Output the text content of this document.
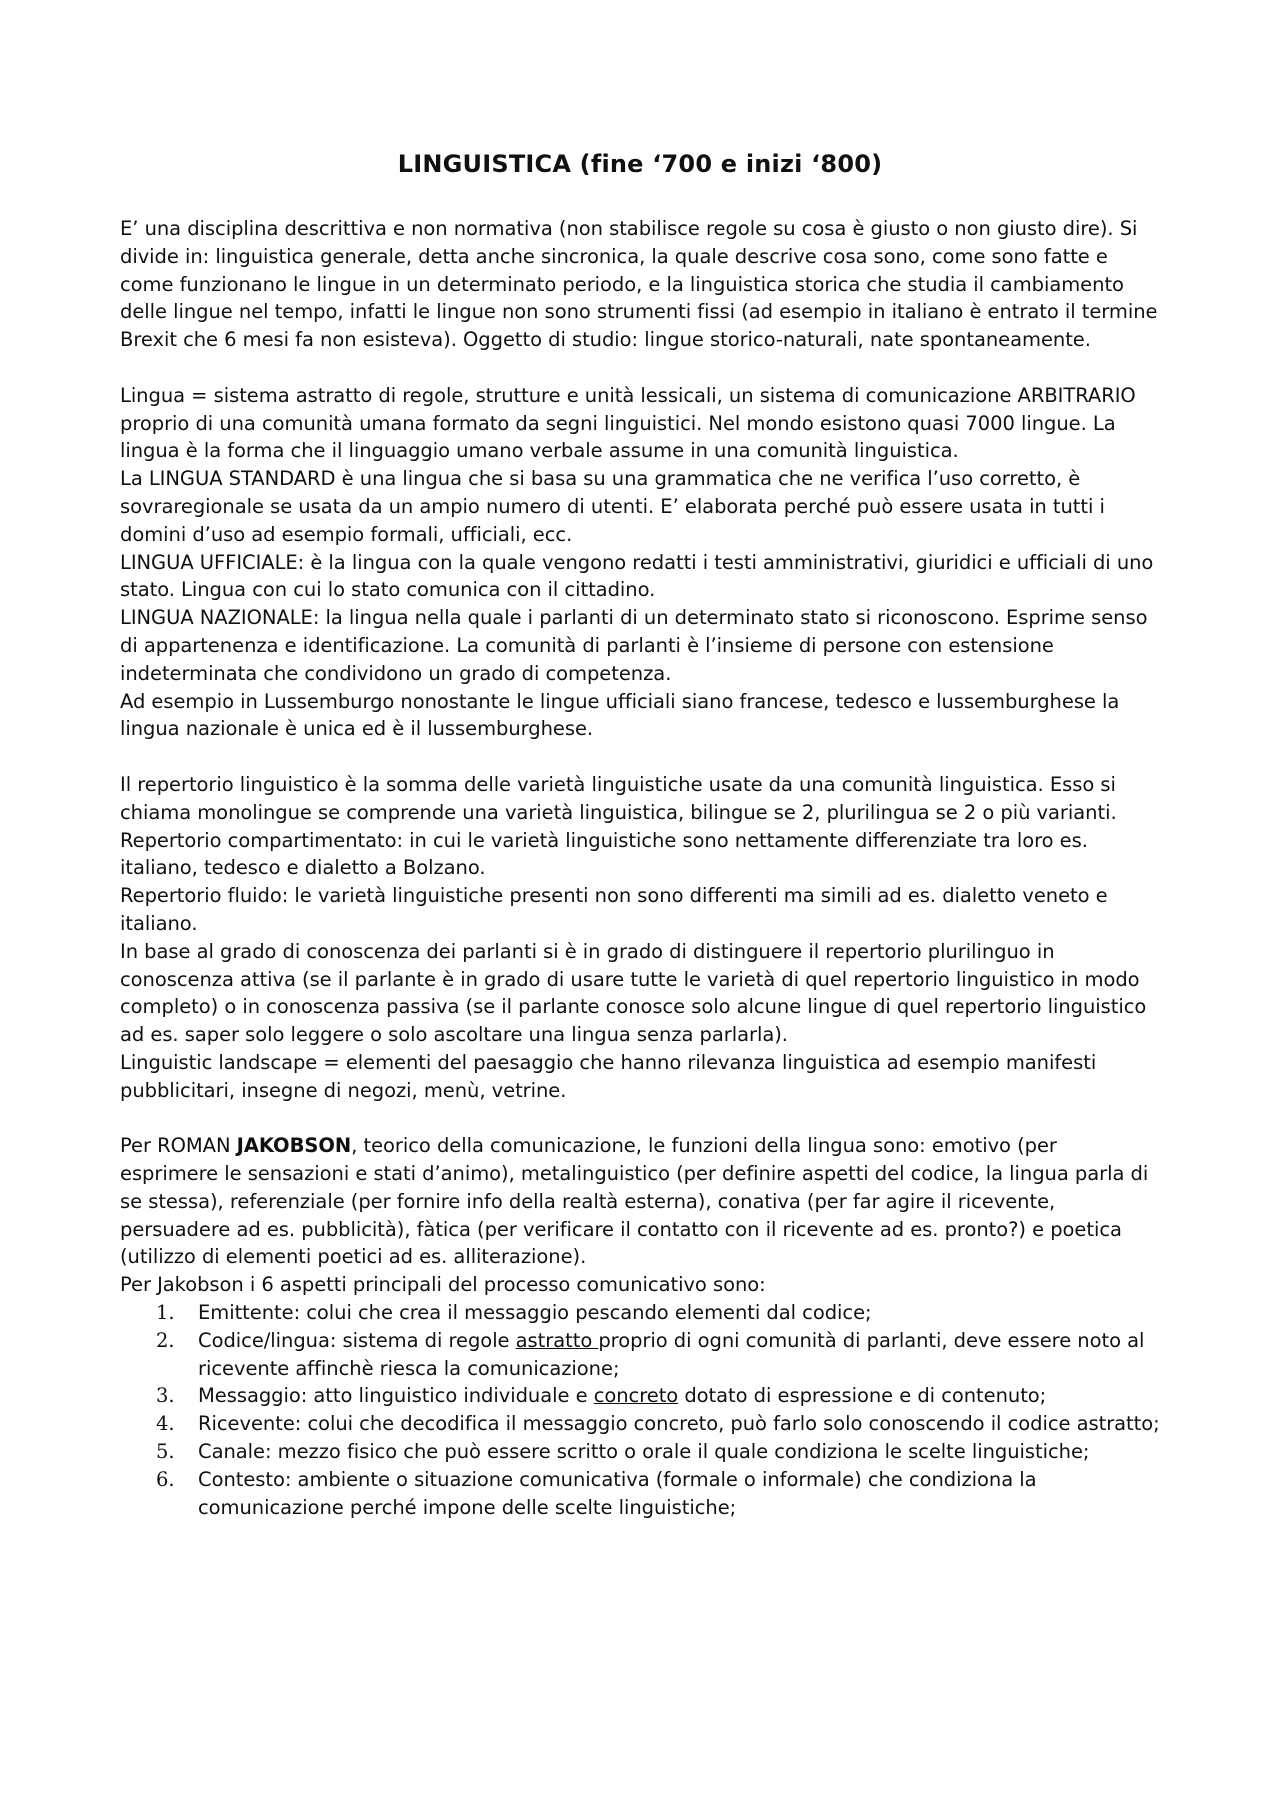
LINGUISTICA (fine ‘700 e inizi ‘800)

E’ una disciplina descrittiva e non normativa (non stabilisce regole su cosa è giusto o non giusto dire). Si divide in: linguistica generale, detta anche sincronica, la quale descrive cosa sono, come sono fatte e come funzionano le lingue in un determinato periodo, e la linguistica storica che studia il cambiamento delle lingue nel tempo, infatti le lingue non sono strumenti fissi (ad esempio in italiano è entrato il termine Brexit che 6 mesi fa non esisteva). Oggetto di studio: lingue storico-naturali, nate spontaneamente.

Lingua = sistema astratto di regole, strutture e unità lessicali, un sistema di comunicazione ARBITRARIO proprio di una comunità umana formato da segni linguistici. Nel mondo esistono quasi 7000 lingue. La lingua è la forma che il linguaggio umano verbale assume in una comunità linguistica.

La LINGUA STANDARD è una lingua che si basa su una grammatica che ne verifica l’uso corretto, è sovraregionale se usata da un ampio numero di utenti. E’ elaborata perché può essere usata in tutti i domini d’uso ad esempio formali, ufficiali, ecc.

LINGUA UFFICIALE: è la lingua con la quale vengono redatti i testi amministrativi, giuridici e ufficiali di uno stato. Lingua con cui lo stato comunica con il cittadino.

LINGUA NAZIONALE: la lingua nella quale i parlanti di un determinato stato si riconoscono. Esprime senso di appartenenza e identificazione. La comunità di parlanti è l’insieme di persone con estensione indeterminata che condividono un grado di competenza.

Ad esempio in Lussemburgo nonostante le lingue ufficiali siano francese, tedesco e lussemburghese la lingua nazionale è unica ed è il lussemburghese.

Il repertorio linguistico è la somma delle varietà linguistiche usate da una comunità linguistica. Esso si chiama monolingue se comprende una varietà linguistica, bilingue se 2, plurilingua se 2 o più varianti. Repertorio compartimentato: in cui le varietà linguistiche sono nettamente differenziate tra loro es. italiano, tedesco e dialetto a Bolzano.

Repertorio fluido: le varietà linguistiche presenti non sono differenti ma simili ad es. dialetto veneto e italiano.

In base al grado di conoscenza dei parlanti si è in grado di distinguere il repertorio plurilinguo in conoscenza attiva (se il parlante è in grado di usare tutte le varietà di quel repertorio linguistico in modo completo) o in conoscenza passiva (se il parlante conosce solo alcune lingue di quel repertorio linguistico ad es. saper solo leggere o solo ascoltare una lingua senza parlarla).

Linguistic landscape = elementi del paesaggio che hanno rilevanza linguistica ad esempio manifesti pubblicitari, insegne di negozi, menù, vetrine.

Per ROMAN JAKOBSON, teorico della comunicazione, le funzioni della lingua sono: emotivo (per esprimere le sensazioni e stati d’animo), metalinguistico (per definire aspetti del codice, la lingua parla di se stessa), referenziale (per fornire info della realtà esterna), conativa (per far agire il ricevente, persuadere ad es. pubblicità), fàtica (per verificare il contatto con il ricevente ad es. pronto?) e poetica (utilizzo di elementi poetici ad es. alliterazione).

Per Jakobson i 6 aspetti principali del processo comunicativo sono:

1. Emittente: colui che crea il messaggio pescando elementi dal codice;
2. Codice/lingua: sistema di regole astratto proprio di ogni comunità di parlanti, deve essere noto al ricevente affinchè riesca la comunicazione;
3. Messaggio: atto linguistico individuale e concreto dotato di espressione e di contenuto;
4. Ricevente: colui che decodifica il messaggio concreto, può farlo solo conoscendo il codice astratto;
5. Canale: mezzo fisico che può essere scritto o orale il quale condiziona le scelte linguistiche;
6. Contesto: ambiente o situazione comunicativa (formale o informale) che condiziona la comunicazione perché impone delle scelte linguistiche;
